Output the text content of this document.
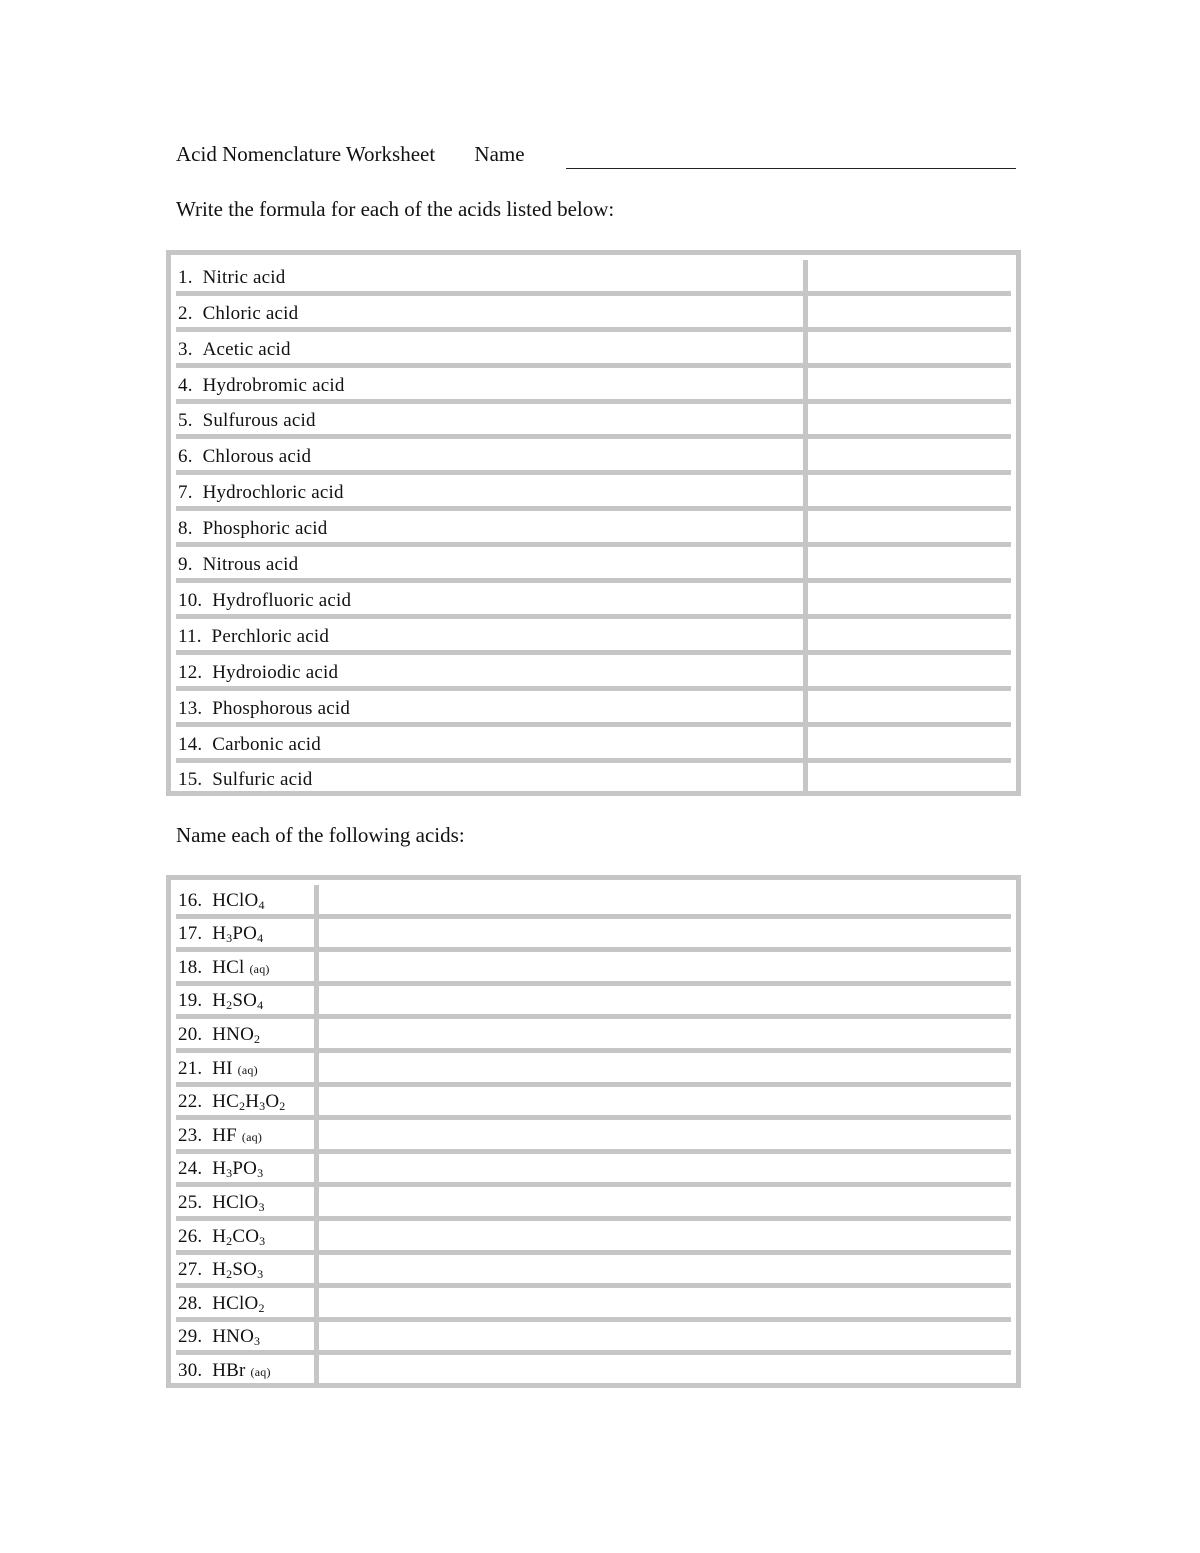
Acid Nomenclature Worksheet Name
Write the formula for each of the acids listed below:
1.  Nitric acid
2.  Chloric acid
3.  Acetic acid
4.  Hydrobromic acid
5.  Sulfurous acid
6.  Chlorous acid
7.  Hydrochloric acid
8.  Phosphoric acid
9.  Nitrous acid
10.  Hydrofluoric acid
11.  Perchloric acid
12.  Hydroiodic acid
13.  Phosphorous acid
14.  Carbonic acid
15.  Sulfuric acid
Name each of the following acids:
16.  HClO$_4$
17.  $H_3PO_4$
18.  HCl (aq)
19.  $H_2SO_4$
20.  $HNO_2$
21.  HI (aq)
22.  $HC_2H_3O_2$
23.  HF (aq)
24.  $H_3PO_3$
25.  HClO$_3$
26.  $H_2CO_3$
27.  $H_2SO_3$
28.  HClO$_2$
29.  $HNO_3$
30.  HBr (aq)
